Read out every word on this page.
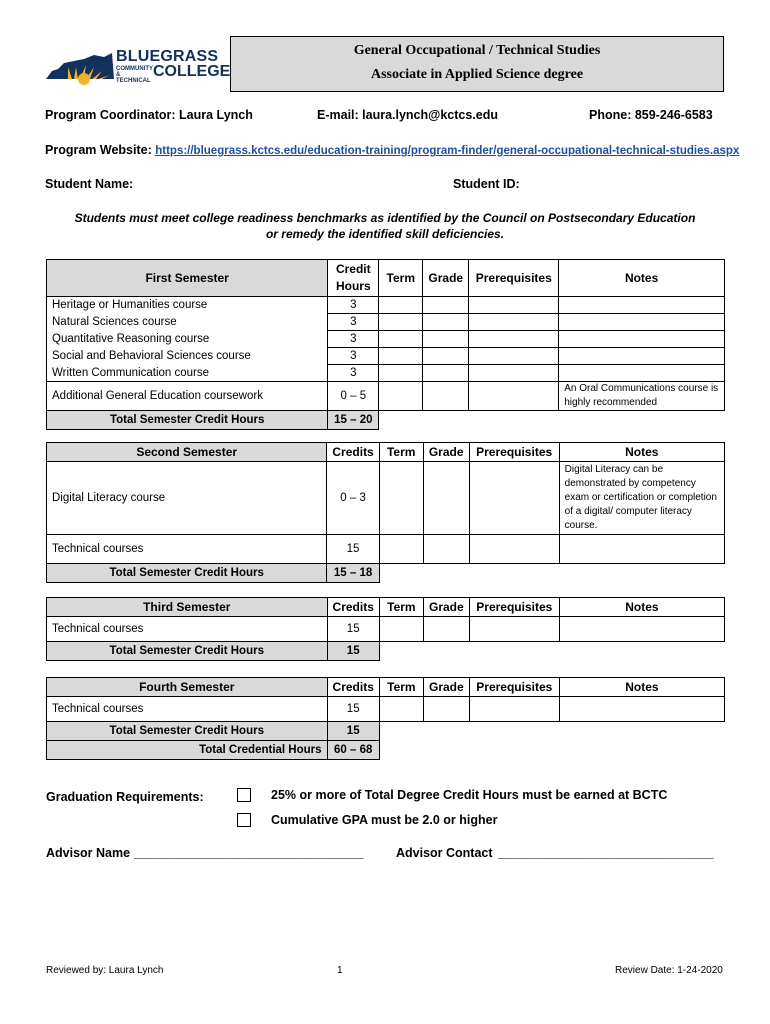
BLUEGRASS
COMMUNITY & TECHNICAL
COLLEGE
General Occupational / Technical Studies
Associate in Applied Science degree
Program Coordinator: Laura Lynch	E-mail: laura.lynch@kctcs.edu	Phone: 859-246-6583
Program Website: https://bluegrass.kctcs.edu/education-training/program-finder/general-occupational-technical-studies.aspx
Student Name:	Student ID:
Students must meet college readiness benchmarks as identified by the Council on Postsecondary Education
or remedy the identified skill deficiencies.
First Semester	Credit
Hours	Term	Grade	Prerequisites	Notes
Heritage or Humanities course	3				
Natural Sciences course	3				
Quantitative Reasoning course	3				
Social and Behavioral Sciences course	3				
Written Communication course	3				
Additional General Education coursework	0 – 5				An Oral Communications course is highly recommended
Total Semester Credit Hours	15 – 20				
Second Semester	Credits	Term	Grade	Prerequisites	Notes
Digital Literacy course	0 – 3				Digital Literacy can be demonstrated by competency exam or certification or completion of a digital/ computer literacy course.
Technical courses	15				
Total Semester Credit Hours	15 – 18				
Third Semester	Credits	Term	Grade	Prerequisites	Notes
Technical courses	15				
Total Semester Credit Hours	15				
Fourth Semester	Credits	Term	Grade	Prerequisites	Notes
Technical courses	15				
Total Semester Credit Hours	15				
Total Credential Hours	60 – 68				
Graduation Requirements:	25% or more of Total Degree Credit Hours must be earned at BCTC
Cumulative GPA must be 2.0 or higher
Advisor Name _________________________________	Advisor Contact _______________________________
Reviewed by: Laura Lynch	1	Review Date: 1-24-2020
